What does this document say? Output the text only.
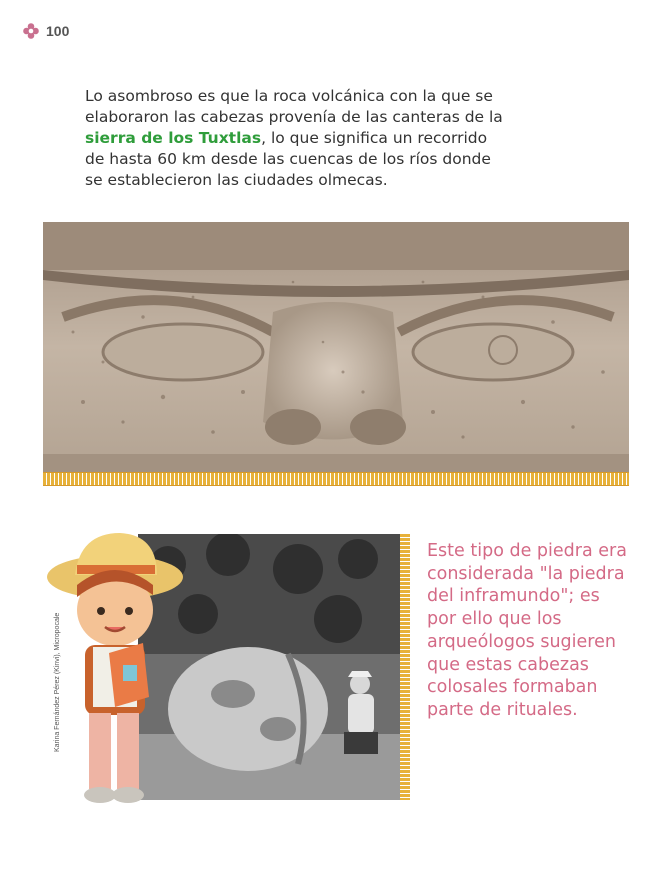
100

Lo asombroso es que la roca volcánica con la que se elaboraron las cabezas provenía de las canteras de la sierra de los Tuxtlas, lo que significa un recorrido de hasta 60 km desde las cuencas de los ríos donde se establecieron las ciudades olmecas.

Karina Fernández Pérez (Kinvi), Micropocale

Este tipo de piedra era considerada "la piedra del inframundo"; es por ello que los arqueólogos sugieren que estas cabezas colosales formaban parte de rituales.
